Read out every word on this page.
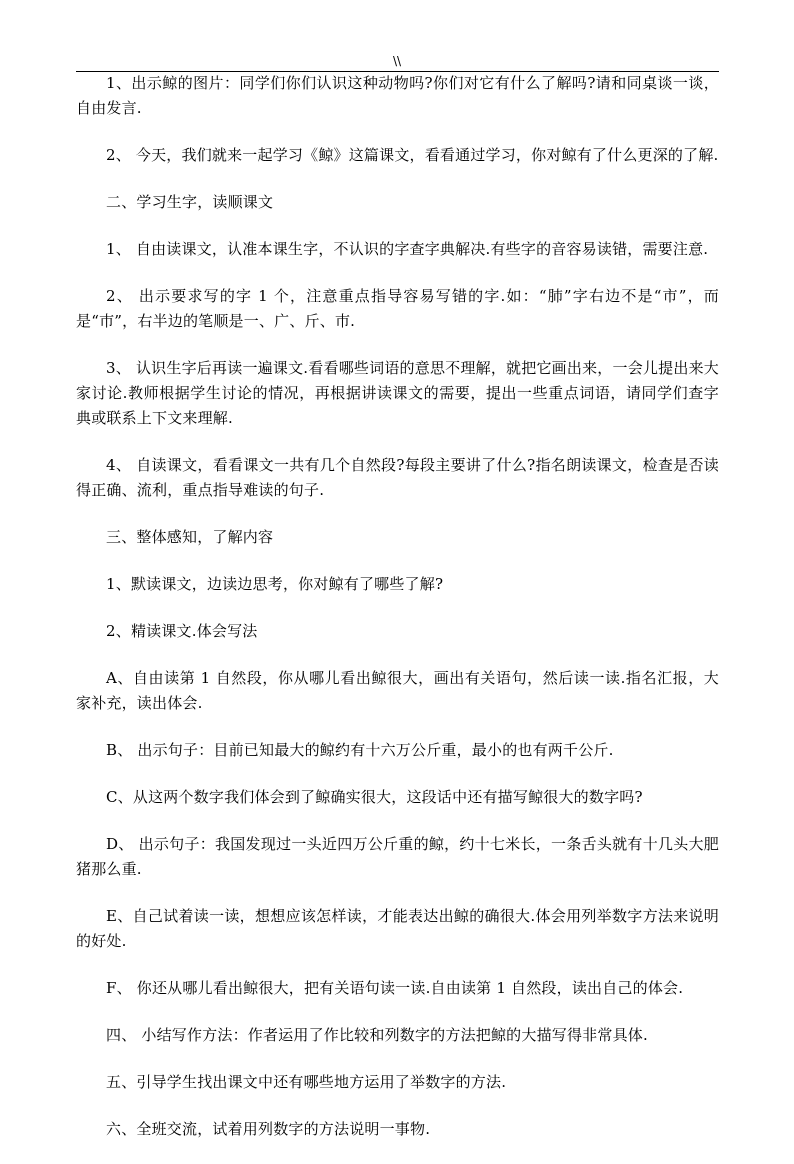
\\

1、出示鲸的图片：同学们你们认识这种动物吗?你们对它有什么了解吗?请和同桌谈一谈，自由发言.

2、 今天，我们就来一起学习《鲸》这篇课文，看看通过学习，你对鲸有了什么更深的了解.

二、学习生字，读顺课文

1、 自由读课文，认准本课生字，不认识的字查字典解决.有些字的音容易读错，需要注意.

2、 出示要求写的字 1 个，注意重点指导容易写错的字.如：“肺”字右边不是“市”，而是“巿”，右半边的笔顺是一、广、斤、巿.

3、 认识生字后再读一遍课文.看看哪些词语的意思不理解，就把它画出来，一会儿提出来大家讨论.教师根据学生讨论的情况，再根据讲读课文的需要，提出一些重点词语，请同学们查字典或联系上下文来理解.

4、 自读课文，看看课文一共有几个自然段?每段主要讲了什么?指名朗读课文，检查是否读得正确、流利，重点指导难读的句子.

三、整体感知，了解内容

1、默读课文，边读边思考，你对鲸有了哪些了解?

2、精读课文.体会写法

A、自由读第 1 自然段，你从哪儿看出鲸很大，画出有关语句，然后读一读.指名汇报，大家补充，读出体会.

B、 出示句子：目前已知最大的鲸约有十六万公斤重，最小的也有两千公斤.

C、从这两个数字我们体会到了鲸确实很大，这段话中还有描写鲸很大的数字吗?

D、 出示句子：我国发现过一头近四万公斤重的鲸，约十七米长，一条舌头就有十几头大肥猪那么重.

E、自己试着读一读，想想应该怎样读，才能表达出鲸的确很大.体会用列举数字方法来说明的好处.

F、 你还从哪儿看出鲸很大，把有关语句读一读.自由读第 1 自然段，读出自己的体会.

四、 小结写作方法：作者运用了作比较和列数字的方法把鲸的大描写得非常具体.

五、引导学生找出课文中还有哪些地方运用了举数字的方法.

六、全班交流，试着用列数字的方法说明一事物.
